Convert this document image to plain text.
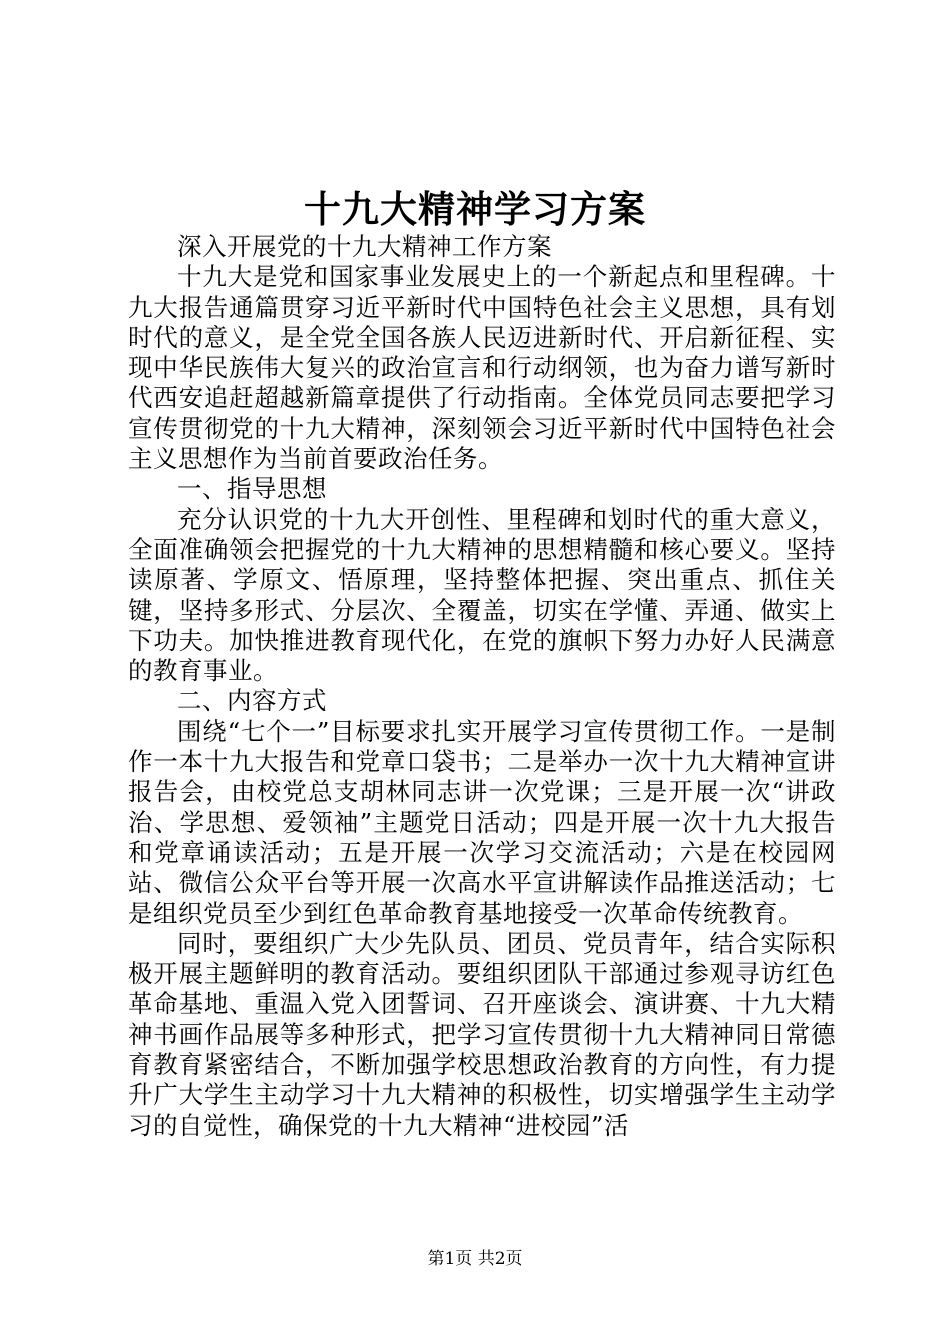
十九大精神学习方案

深入开展党的十九大精神工作方案

十九大是党和国家事业发展史上的一个新起点和里程碑。十九大报告通篇贯穿习近平新时代中国特色社会主义思想，具有划时代的意义，是全党全国各族人民迈进新时代、开启新征程、实现中华民族伟大复兴的政治宣言和行动纲领，也为奋力谱写新时代西安追赶超越新篇章提供了行动指南。全体党员同志要把学习宣传贯彻党的十九大精神，深刻领会习近平新时代中国特色社会主义思想作为当前首要政治任务。

一、指导思想

充分认识党的十九大开创性、里程碑和划时代的重大意义，全面准确领会把握党的十九大精神的思想精髓和核心要义。坚持读原著、学原文、悟原理，坚持整体把握、突出重点、抓住关键，坚持多形式、分层次、全覆盖，切实在学懂、弄通、做实上下功夫。加快推进教育现代化，在党的旗帜下努力办好人民满意的教育事业。

二、内容方式

围绕“七个一”目标要求扎实开展学习宣传贯彻工作。一是制作一本十九大报告和党章口袋书；二是举办一次十九大精神宣讲报告会，由校党总支胡林同志讲一次党课；三是开展一次“讲政治、学思想、爱领袖”主题党日活动；四是开展一次十九大报告和党章诵读活动；五是开展一次学习交流活动；六是在校园网站、微信公众平台等开展一次高水平宣讲解读作品推送活动；七是组织党员至少到红色革命教育基地接受一次革命传统教育。

同时，要组织广大少先队员、团员、党员青年，结合实际积极开展主题鲜明的教育活动。要组织团队干部通过参观寻访红色革命基地、重温入党入团誓词、召开座谈会、演讲赛、十九大精神书画作品展等多种形式，把学习宣传贯彻十九大精神同日常德育教育紧密结合，不断加强学校思想政治教育的方向性，有力提升广大学生主动学习十九大精神的积极性，切实增强学生主动学习的自觉性，确保党的十九大精神“进校园”活

第1页 共2页
